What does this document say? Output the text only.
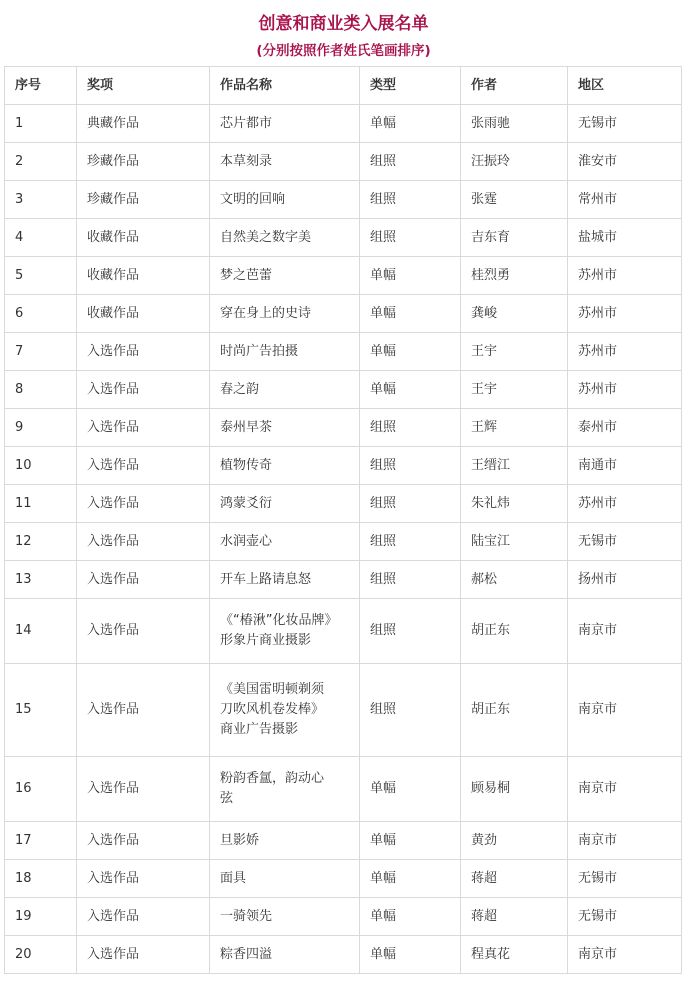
创意和商业类入展名单
(分别按照作者姓氏笔画排序)
序号	奖项	作品名称	类型	作者	地区

1	典藏作品	芯片都市	单幅	张雨驰	无锡市

2	珍藏作品	本草刻录	组照	汪振玲	淮安市

3	珍藏作品	文明的回响	组照	张霆	常州市

4	收藏作品	自然美之数字美	组照	吉东育	盐城市

5	收藏作品	梦之芭蕾	单幅	桂烈勇	苏州市

6	收藏作品	穿在身上的史诗	单幅	龚峻	苏州市

7	入选作品	时尚广告拍摄	单幅	王宇	苏州市

8	入选作品	春之韵	单幅	王宇	苏州市

9	入选作品	泰州早茶	组照	王辉	泰州市

10	入选作品	植物传奇	组照	王缙江	南通市

11	入选作品	鸿蒙爻衍	组照	朱礼炜	苏州市

12	入选作品	水润壶心	组照	陆宝江	无锡市

13	入选作品	开车上路请息怒	组照	郝松	扬州市

14	入选作品	《“椿湫”化妆品牌》
形象片商业摄影	组照	胡正东	南京市

15	入选作品	《美国雷明顿剃须
刀吹风机卷发棒》
商业广告摄影	组照	胡正东	南京市

16	入选作品	粉韵香氲，韵动心
弦	单幅	顾易桐	南京市

17	入选作品	旦影娇	单幅	黄劲	南京市

18	入选作品	面具	单幅	蒋超	无锡市

19	入选作品	一骑领先	单幅	蒋超	无锡市

20	入选作品	粽香四溢	单幅	程真花	南京市
